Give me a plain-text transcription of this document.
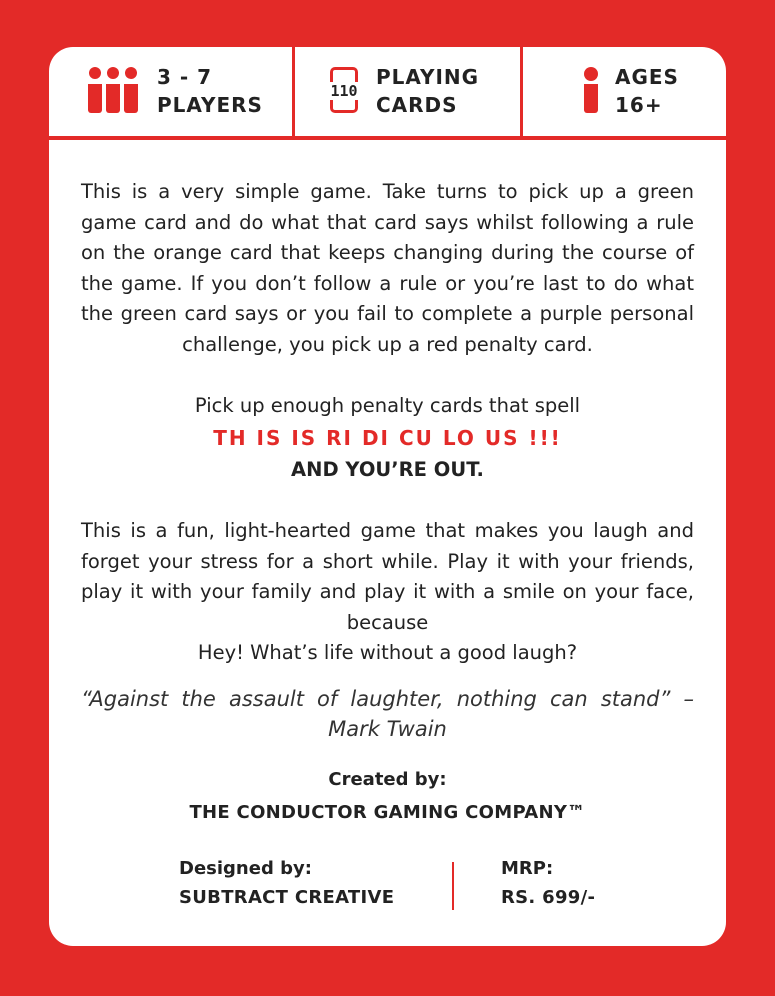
3 - 7
PLAYERS
110
PLAYING
CARDS
AGES
16+
This is a very simple game. Take turns to pick up a green game card and do what that card says whilst following a rule on the orange card that keeps changing during the course of the game. If you don’t follow a rule or you’re last to do what the green card says or you fail to complete a purple personal challenge, you pick up a red penalty card.
Pick up enough penalty cards that spell
TH IS IS RI DI CU LO US !!!
AND YOU’RE OUT.
This is a fun, light-hearted game that makes you laugh and forget your stress for a short while. Play it with your friends, play it with your family and play it with a smile on your face, because
Hey! What’s life without a good laugh?
“Against the assault of laughter, nothing can stand” – Mark Twain
Created by:
THE CONDUCTOR GAMING COMPANY™
Designed by:
SUBTRACT CREATIVE
MRP:
RS. 699/-
